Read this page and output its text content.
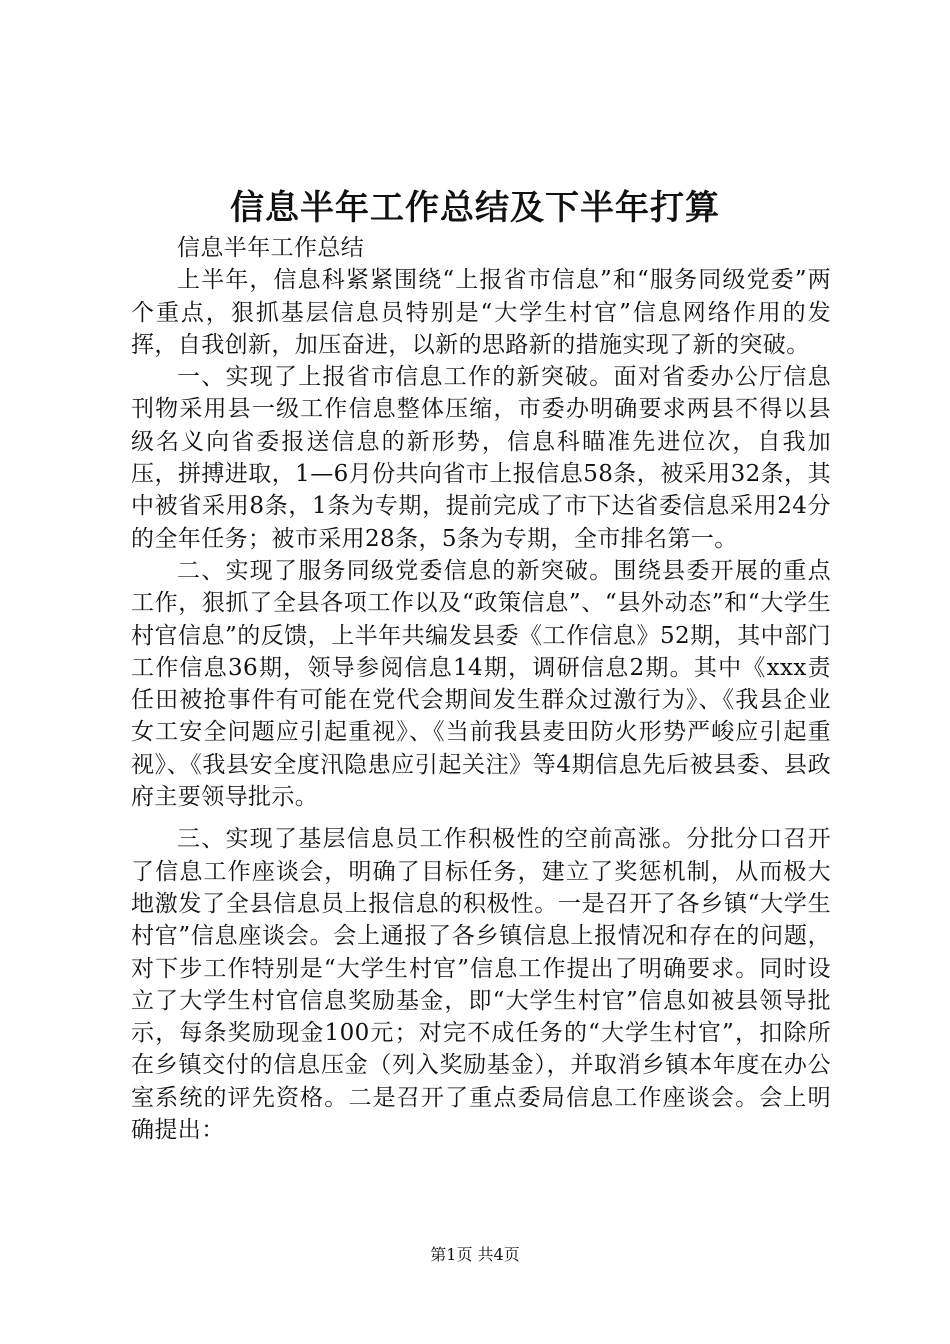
信息半年工作总结及下半年打算

信息半年工作总结

上半年，信息科紧紧围绕“上报省市信息”和“服务同级党委”两个重点，狠抓基层信息员特别是“大学生村官”信息网络作用的发挥，自我创新，加压奋进，以新的思路新的措施实现了新的突破。

一、实现了上报省市信息工作的新突破。面对省委办公厅信息刊物采用县一级工作信息整体压缩，市委办明确要求两县不得以县级名义向省委报送信息的新形势，信息科瞄准先进位次，自我加压，拼搏进取，1—6月份共向省市上报信息58条，被采用32条，其中被省采用8条，1条为专期，提前完成了市下达省委信息采用24分的全年任务；被市采用28条，5条为专期，全市排名第一。

二、实现了服务同级党委信息的新突破。围绕县委开展的重点工作，狠抓了全县各项工作以及“政策信息”、“县外动态”和“大学生村官信息”的反馈，上半年共编发县委《工作信息》52期，其中部门工作信息36期，领导参阅信息14期，调研信息2期。其中《xxx责任田被抢事件有可能在党代会期间发生群众过激行为》、《我县企业女工安全问题应引起重视》、《当前我县麦田防火形势严峻应引起重视》、《我县安全度汛隐患应引起关注》等4期信息先后被县委、县政府主要领导批示。

三、实现了基层信息员工作积极性的空前高涨。分批分口召开了信息工作座谈会，明确了目标任务，建立了奖惩机制，从而极大地激发了全县信息员上报信息的积极性。一是召开了各乡镇“大学生村官”信息座谈会。会上通报了各乡镇信息上报情况和存在的问题，对下步工作特别是“大学生村官”信息工作提出了明确要求。同时设立了大学生村官信息奖励基金，即“大学生村官”信息如被县领导批示，每条奖励现金100元；对完不成任务的“大学生村官”，扣除所在乡镇交付的信息压金（列入奖励基金），并取消乡镇本年度在办公室系统的评先资格。二是召开了重点委局信息工作座谈会。会上明确提出：

第1页 共4页
